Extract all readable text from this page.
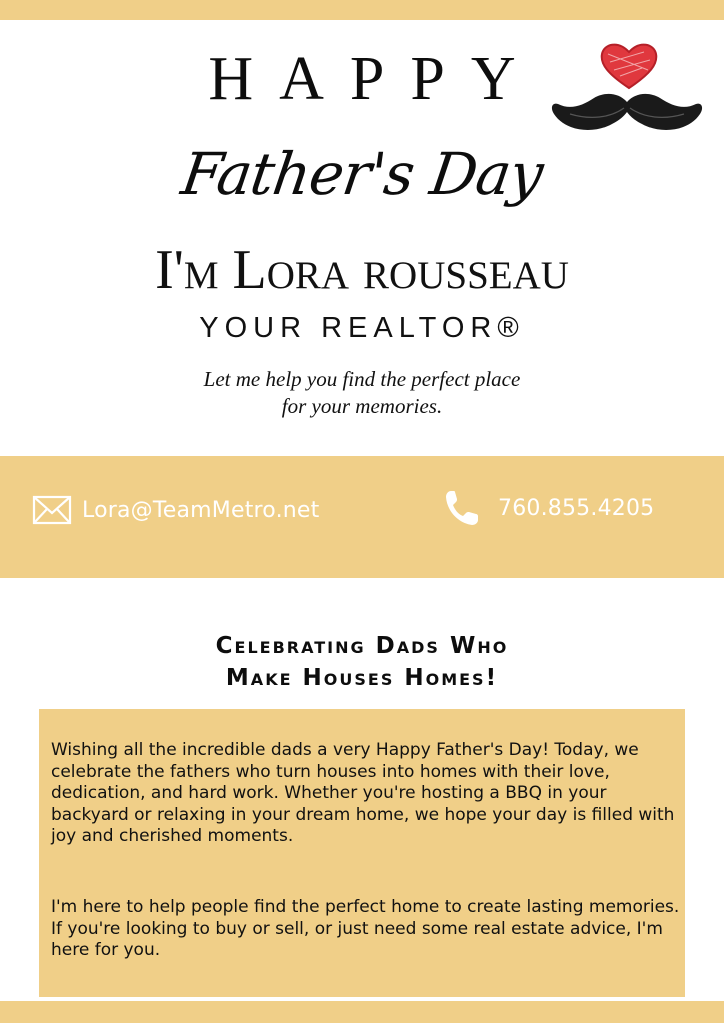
HAPPY
Father's Day
I'm Lora rousseau
YOUR REALTOR®
Let me help you find the perfect place
for your memories.
Lora@TeamMetro.net	760.855.4205
Celebrating Dads Who
Make Houses Homes!

Wishing all the incredible dads a very Happy Father's Day! Today, we celebrate the fathers who turn houses into homes with their love, dedication, and hard work. Whether you're hosting a BBQ in your backyard or relaxing in your dream home, we hope your day is filled with joy and cherished moments.

I'm here to help people find the perfect home to create lasting memories. If you're looking to buy or sell, or just need some real estate advice, I'm here for you.
